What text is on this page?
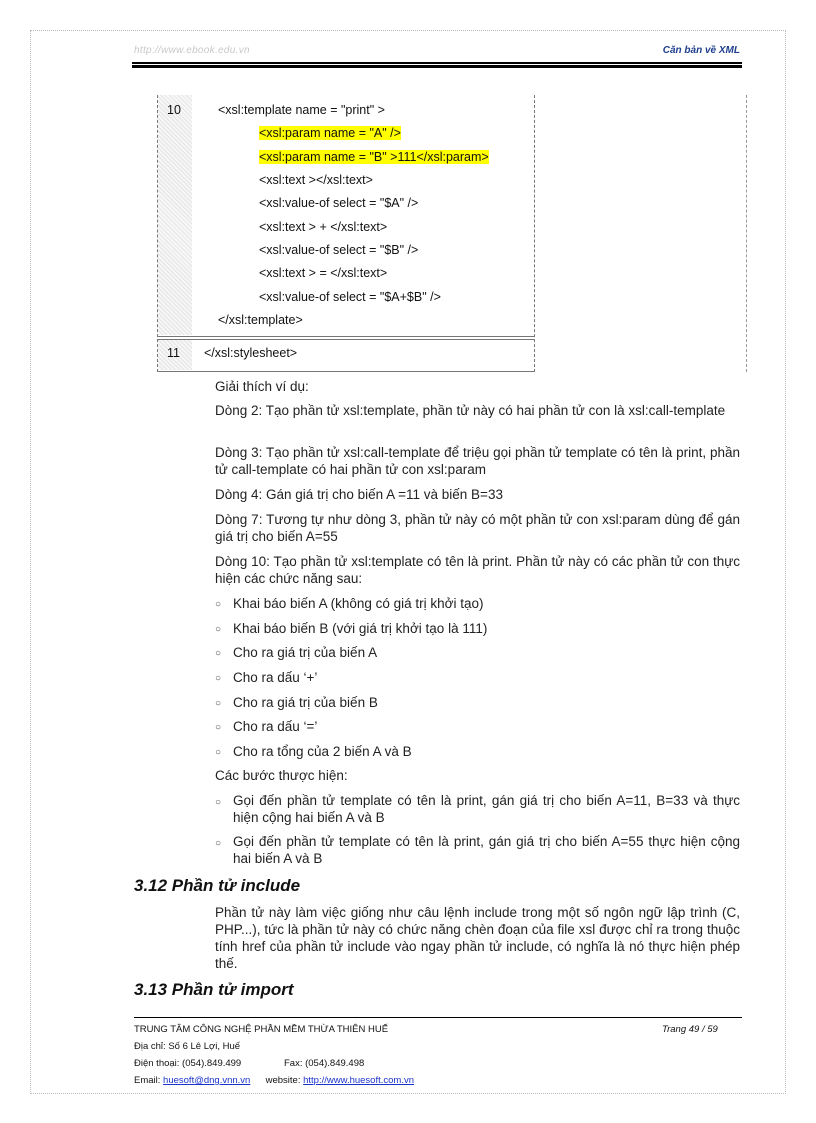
http://www.ebook.edu.vn	Căn bản về XML
10	<xsl:template name = "print" >
<xsl:param name = "A" />
<xsl:param name = "B" >111</xsl:param>
<xsl:text ></xsl:text>
<xsl:value-of select = "$A" />
<xsl:text > + </xsl:text>
<xsl:value-of select = "$B" />
<xsl:text > = </xsl:text>
<xsl:value-of select = "$A+$B" />
</xsl:template>
11 </xsl:stylesheet>
Giải thích ví dụ:
Dòng 2: Tạo phần tử xsl:template, phần tử này có hai phần tử con là xsl:call-template
Dòng 3: Tạo phần tử xsl:call-template để triệu gọi phần tử template có tên là print, phần tử call-template có hai phần tử con xsl:param
Dòng 4: Gán giá trị cho biến A =11 và biến B=33
Dòng 7: Tương tự như dòng 3, phần tử này có một phần tử con xsl:param dùng để gán giá trị cho biến A=55
Dòng 10: Tạo phần tử xsl:template có tên là print. Phần tử này có các phần tử con thực hiện các chức năng sau:
○ Khai báo biến A (không có giá trị khởi tạo)
○ Khai báo biến B (với giá trị khởi tạo là 111)
○ Cho ra giá trị của biến A
○ Cho ra dấu ‘+’
○ Cho ra giá trị của biến B
○ Cho ra dấu ‘=’
○ Cho ra tổng của 2 biến A và B
Các bước thược hiện:
○ Gọi đến phần tử template có tên là print, gán giá trị cho biến A=11, B=33 và thực hiện cộng hai biến A và B
○ Gọi đến phần tử template có tên là print, gán giá trị cho biến A=55 thực hiện cộng hai biến A và B
3.12 Phần tử include
Phần tử này làm việc giống như câu lệnh include trong một số ngôn ngữ lập trình (C, PHP...), tức là phần tử này có chức năng chèn đoạn của file xsl được chỉ ra trong thuộc tính href của phần tử include vào ngay phần tử include, có nghĩa là nó thực hiện phép thế.
3.13 Phần tử import
TRUNG TÂM CÔNG NGHỆ PHẦN MỀM THỪA THIÊN HUẾ	Trang 49 / 59
Địa chỉ: Số 6 Lê Lợi, Huế
Điện thoại: (054).849.499	Fax: (054).849.498
Email: huesoft@dng.vnn.vn website: http://www.huesoft.com.vn
